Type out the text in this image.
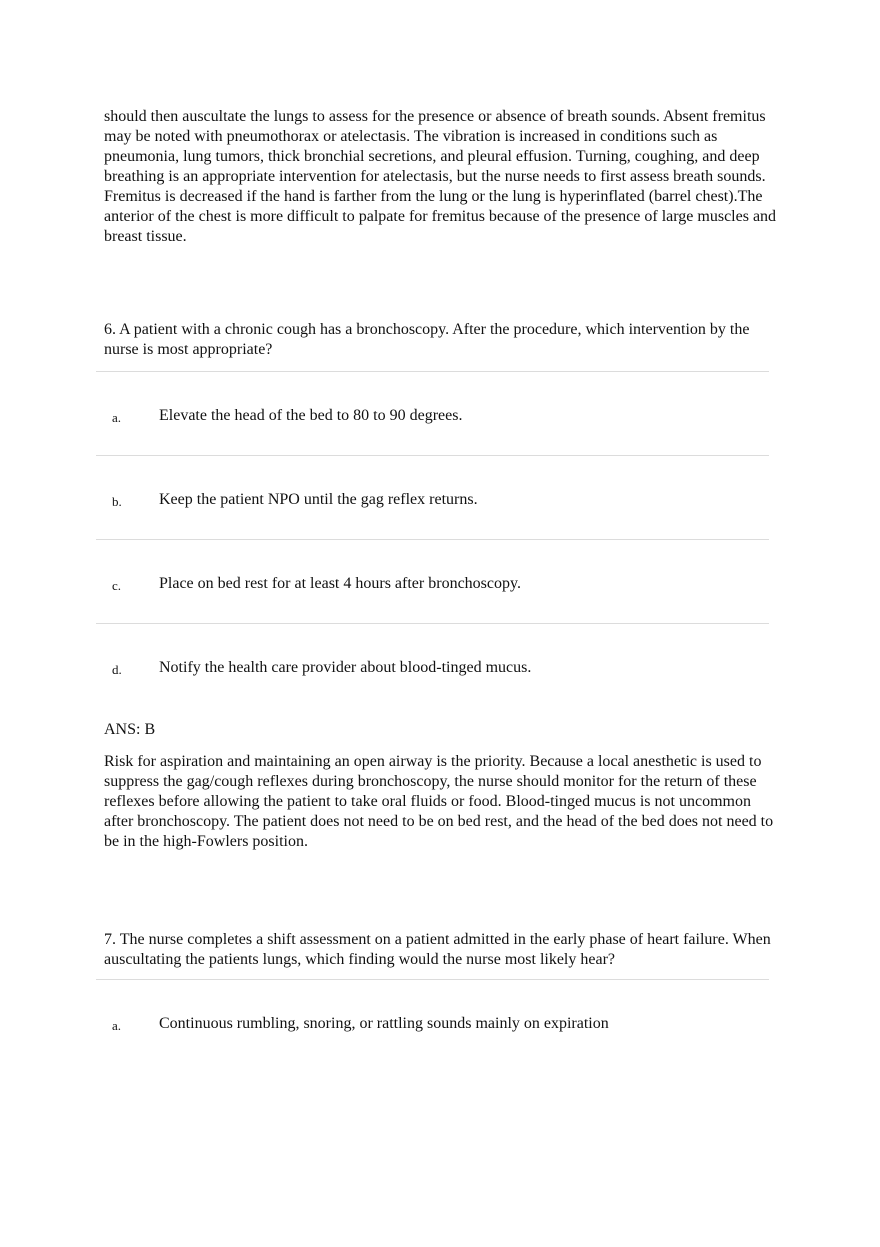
should then auscultate the lungs to assess for the presence or absence of breath sounds. Absent fremitus may be noted with pneumothorax or atelectasis. The vibration is increased in conditions such as pneumonia, lung tumors, thick bronchial secretions, and pleural effusion. Turning, coughing, and deep breathing is an appropriate intervention for atelectasis, but the nurse needs to first assess breath sounds. Fremitus is decreased if the hand is farther from the lung or the lung is hyperinflated (barrel chest).The anterior of the chest is more difficult to palpate for fremitus because of the presence of large muscles and breast tissue.

6. A patient with a chronic cough has a bronchoscopy. After the procedure, which intervention by the nurse is most appropriate?

a. Elevate the head of the bed to 80 to 90 degrees.
b. Keep the patient NPO until the gag reflex returns.
c. Place on bed rest for at least 4 hours after bronchoscopy.
d. Notify the health care provider about blood-tinged mucus.

ANS: B

Risk for aspiration and maintaining an open airway is the priority. Because a local anesthetic is used to suppress the gag/cough reflexes during bronchoscopy, the nurse should monitor for the return of these reflexes before allowing the patient to take oral fluids or food. Blood-tinged mucus is not uncommon after bronchoscopy. The patient does not need to be on bed rest, and the head of the bed does not need to be in the high-Fowlers position.

7. The nurse completes a shift assessment on a patient admitted in the early phase of heart failure. When auscultating the patients lungs, which finding would the nurse most likely hear?

a. Continuous rumbling, snoring, or rattling sounds mainly on expiration
